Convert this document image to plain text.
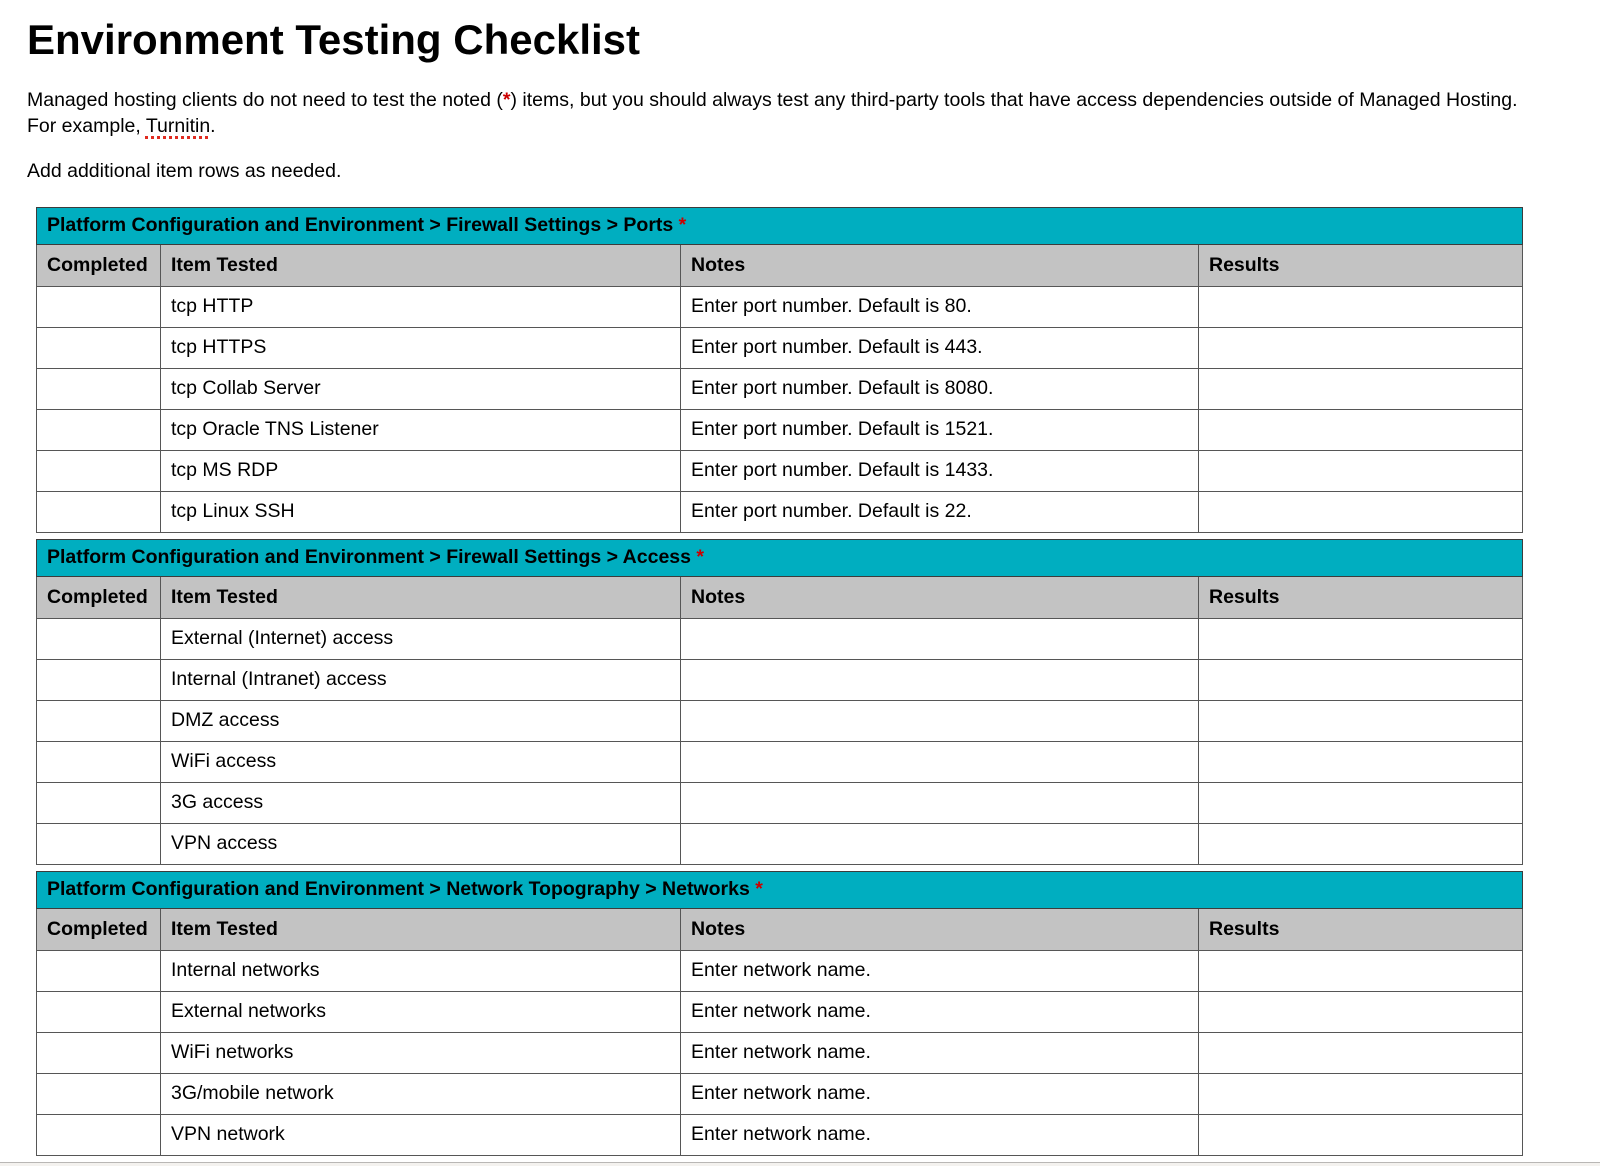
Environment Testing Checklist

Managed hosting clients do not need to test the noted (*) items, but you should always test any third-party tools that have access dependencies outside of Managed Hosting. For example, Turnitin.

Add additional item rows as needed.

Platform Configuration and Environment > Firewall Settings > Ports *			
Completed	Item Tested	Notes	Results
	tcp HTTP	Enter port number. Default is 80.	
	tcp HTTPS	Enter port number. Default is 443.	
	tcp Collab Server	Enter port number. Default is 8080.	
	tcp Oracle TNS Listener	Enter port number. Default is 1521.	
	tcp MS RDP	Enter port number. Default is 1433.	
	tcp Linux SSH	Enter port number. Default is 22.	
Platform Configuration and Environment > Firewall Settings > Access *			
Completed	Item Tested	Notes	Results
	External (Internet) access		
	Internal (Intranet) access		
	DMZ access		
	WiFi access		
	3G access		
	VPN access		
Platform Configuration and Environment > Network Topography > Networks *			
Completed	Item Tested	Notes	Results
	Internal networks	Enter network name.	
	External networks	Enter network name.	
	WiFi networks	Enter network name.	
	3G/mobile network	Enter network name.	
	VPN network	Enter network name.	
